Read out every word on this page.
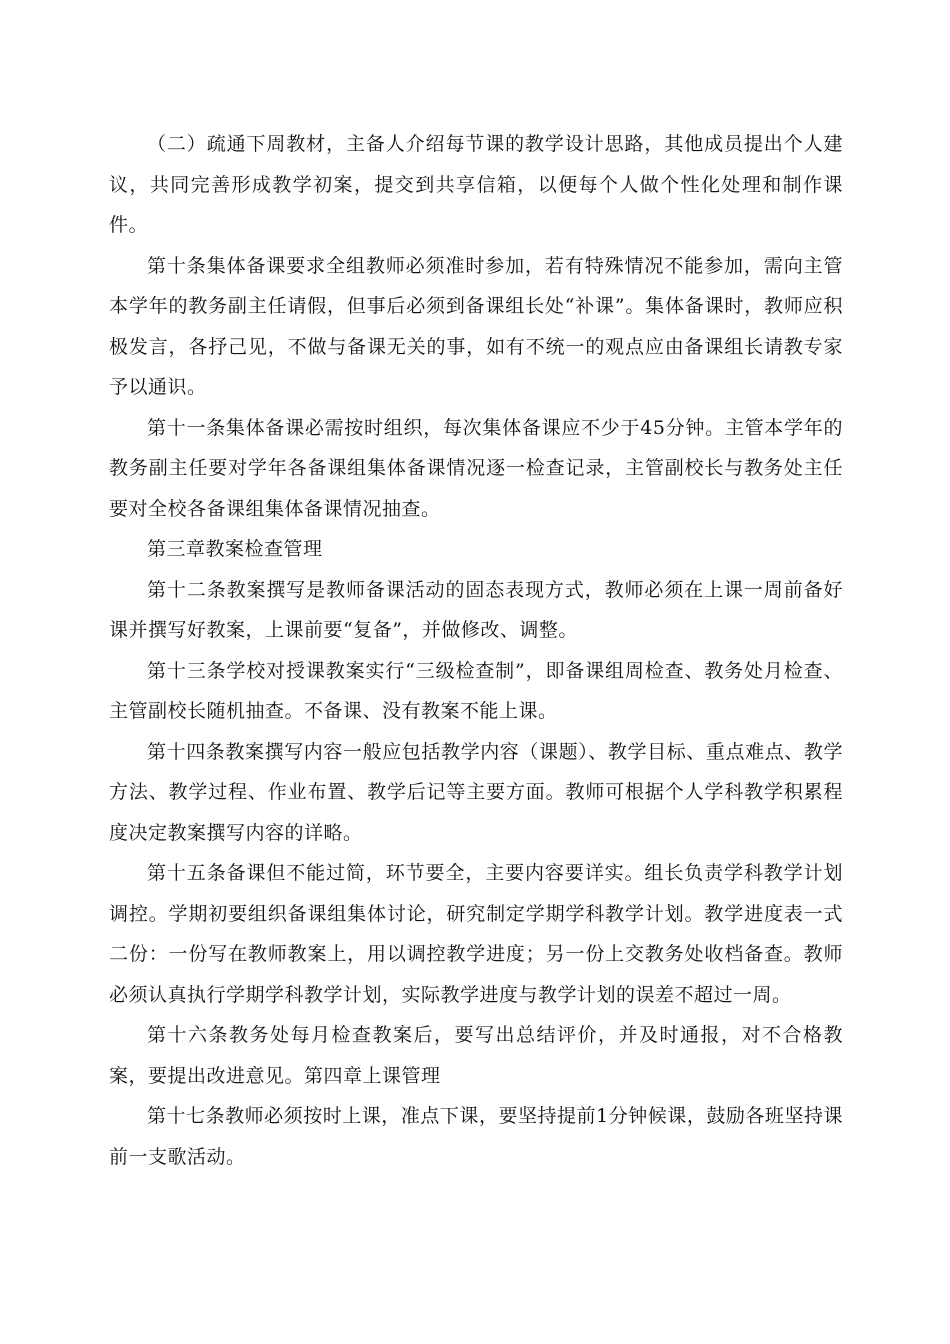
（二）疏通下周教材，主备人介绍每节课的教学设计思路，其他成员提出个人建议，共同完善形成教学初案，提交到共享信箱，以便每个人做个性化处理和制作课件。

第十条集体备课要求全组教师必须准时参加，若有特殊情况不能参加，需向主管本学年的教务副主任请假，但事后必须到备课组长处“补课”。集体备课时，教师应积极发言，各抒己见，不做与备课无关的事，如有不统一的观点应由备课组长请教专家予以通识。

第十一条集体备课必需按时组织，每次集体备课应不少于45分钟。主管本学年的教务副主任要对学年各备课组集体备课情况逐一检查记录，主管副校长与教务处主任要对全校各备课组集体备课情况抽查。

第三章教案检查管理

第十二条教案撰写是教师备课活动的固态表现方式，教师必须在上课一周前备好课并撰写好教案，上课前要“复备”，并做修改、调整。

第十三条学校对授课教案实行“三级检查制”，即备课组周检查、教务处月检查、主管副校长随机抽查。不备课、没有教案不能上课。

第十四条教案撰写内容一般应包括教学内容（课题）、教学目标、重点难点、教学方法、教学过程、作业布置、教学后记等主要方面。教师可根据个人学科教学积累程度决定教案撰写内容的详略。

第十五条备课但不能过简，环节要全，主要内容要详实。组长负责学科教学计划调控。学期初要组织备课组集体讨论，研究制定学期学科教学计划。教学进度表一式二份：一份写在教师教案上，用以调控教学进度；另一份上交教务处收档备查。教师必须认真执行学期学科教学计划，实际教学进度与教学计划的误差不超过一周。

第十六条教务处每月检查教案后，要写出总结评价，并及时通报，对不合格教案，要提出改进意见。第四章上课管理

第十七条教师必须按时上课，准点下课，要坚持提前1分钟候课，鼓励各班坚持课前一支歌活动。
